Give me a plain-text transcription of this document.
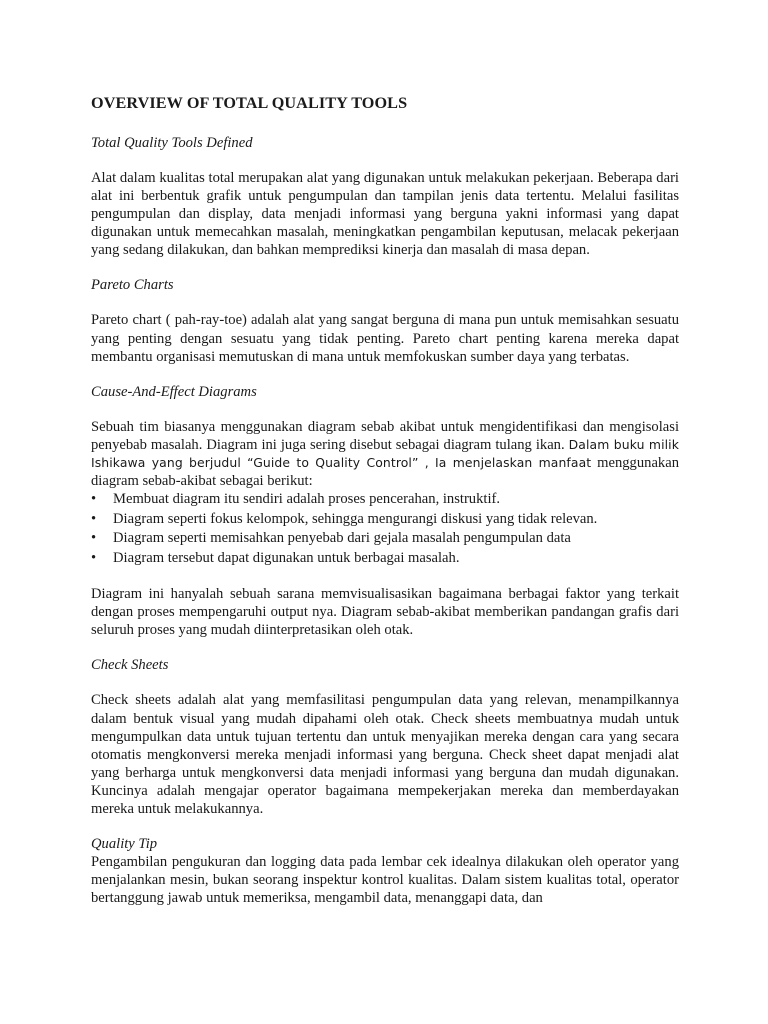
OVERVIEW OF TOTAL QUALITY TOOLS
Total Quality Tools Defined

Alat dalam kualitas total merupakan alat yang digunakan untuk melakukan pekerjaan. Beberapa dari alat ini berbentuk grafik untuk pengumpulan dan tampilan jenis data tertentu. Melalui fasilitas pengumpulan dan display, data menjadi informasi yang berguna yakni informasi yang dapat digunakan untuk memecahkan masalah, meningkatkan pengambilan keputusan, melacak pekerjaan yang sedang dilakukan, dan bahkan memprediksi kinerja dan masalah di masa depan.

Pareto Charts

Pareto chart ( pah-ray-toe) adalah alat yang sangat berguna di mana pun untuk memisahkan sesuatu yang penting dengan sesuatu yang tidak penting. Pareto chart penting karena mereka dapat membantu organisasi memutuskan di mana untuk memfokuskan sumber daya yang terbatas.

Cause-And-Effect Diagrams

Sebuah tim biasanya menggunakan diagram sebab akibat untuk mengidentifikasi dan mengisolasi penyebab masalah. Diagram ini juga sering disebut sebagai diagram tulang ikan. Dalam buku milik Ishikawa yang berjudul “Guide to Quality Control” , Ia menjelaskan manfaat menggunakan diagram sebab-akibat sebagai berikut:

• Membuat diagram itu sendiri adalah proses pencerahan, instruktif.
• Diagram seperti fokus kelompok, sehingga mengurangi diskusi yang tidak relevan.
• Diagram seperti memisahkan penyebab dari gejala masalah pengumpulan data
• Diagram tersebut dapat digunakan untuk berbagai masalah.

Diagram ini hanyalah sebuah sarana memvisualisasikan bagaimana berbagai faktor yang terkait dengan proses mempengaruhi output nya. Diagram sebab-akibat memberikan pandangan grafis dari seluruh proses yang mudah diinterpretasikan oleh otak.

Check Sheets

Check sheets adalah alat yang memfasilitasi pengumpulan data yang relevan, menampilkannya dalam bentuk visual yang mudah dipahami oleh otak. Check sheets membuatnya mudah untuk mengumpulkan data untuk tujuan tertentu dan untuk menyajikan mereka dengan cara yang secara otomatis mengkonversi mereka menjadi informasi yang berguna. Check sheet dapat menjadi alat yang berharga untuk mengkonversi data menjadi informasi yang berguna dan mudah digunakan. Kuncinya adalah mengajar operator bagaimana mempekerjakan mereka dan memberdayakan mereka untuk melakukannya.

Quality Tip

Pengambilan pengukuran dan logging data pada lembar cek idealnya dilakukan oleh operator yang menjalankan mesin, bukan seorang inspektur kontrol kualitas. Dalam sistem kualitas total, operator bertanggung jawab untuk memeriksa, mengambil data, menanggapi data, dan
